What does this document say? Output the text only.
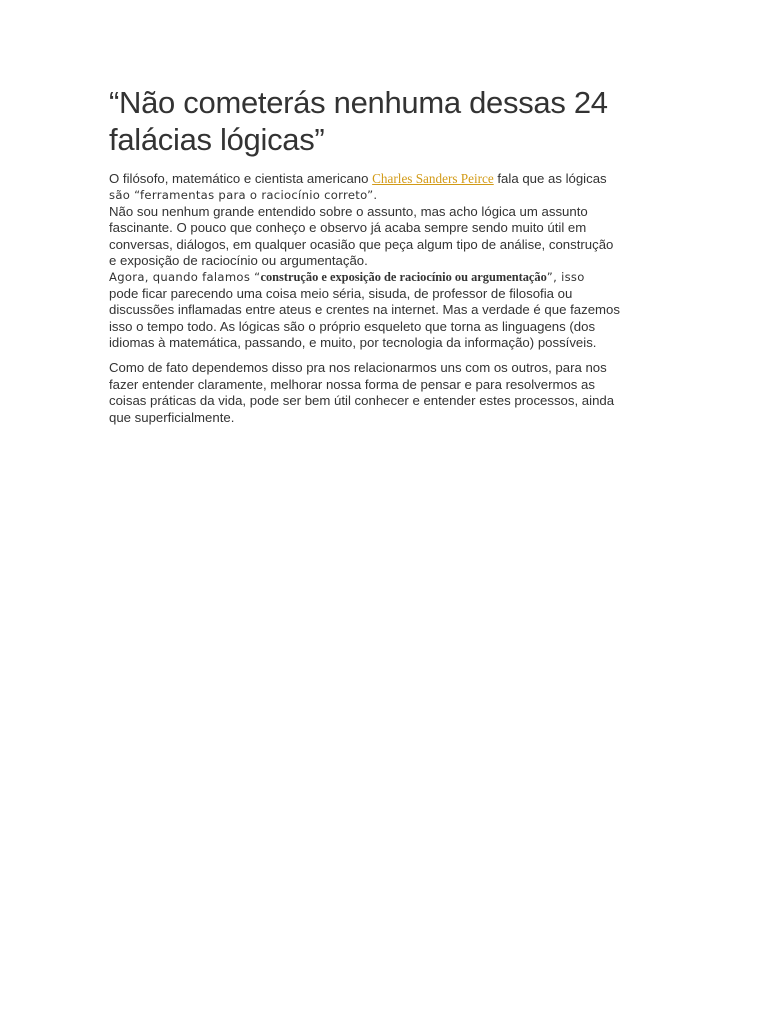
“Não cometerás nenhuma dessas 24
falácias lógicas”
O filósofo, matemático e cientista americano Charles Sanders Peirce fala que as lógicas
são “ferramentas para o raciocínio correto”.
Não sou nenhum grande entendido sobre o assunto, mas acho lógica um assunto
fascinante. O pouco que conheço e observo já acaba sempre sendo muito útil em
conversas, diálogos, em qualquer ocasião que peça algum tipo de análise, construção
e exposição de raciocínio ou argumentação.
Agora, quando falamos “construção e exposição de raciocínio ou argumentação”, isso
pode ficar parecendo uma coisa meio séria, sisuda, de professor de filosofia ou
discussões inflamadas entre ateus e crentes na internet. Mas a verdade é que fazemos
isso o tempo todo. As lógicas são o próprio esqueleto que torna as linguagens (dos
idiomas à matemática, passando, e muito, por tecnologia da informação) possíveis.
Como de fato dependemos disso pra nos relacionarmos uns com os outros, para nos
fazer entender claramente, melhorar nossa forma de pensar e para resolvermos as
coisas práticas da vida, pode ser bem útil conhecer e entender estes processos, ainda
que superficialmente.
